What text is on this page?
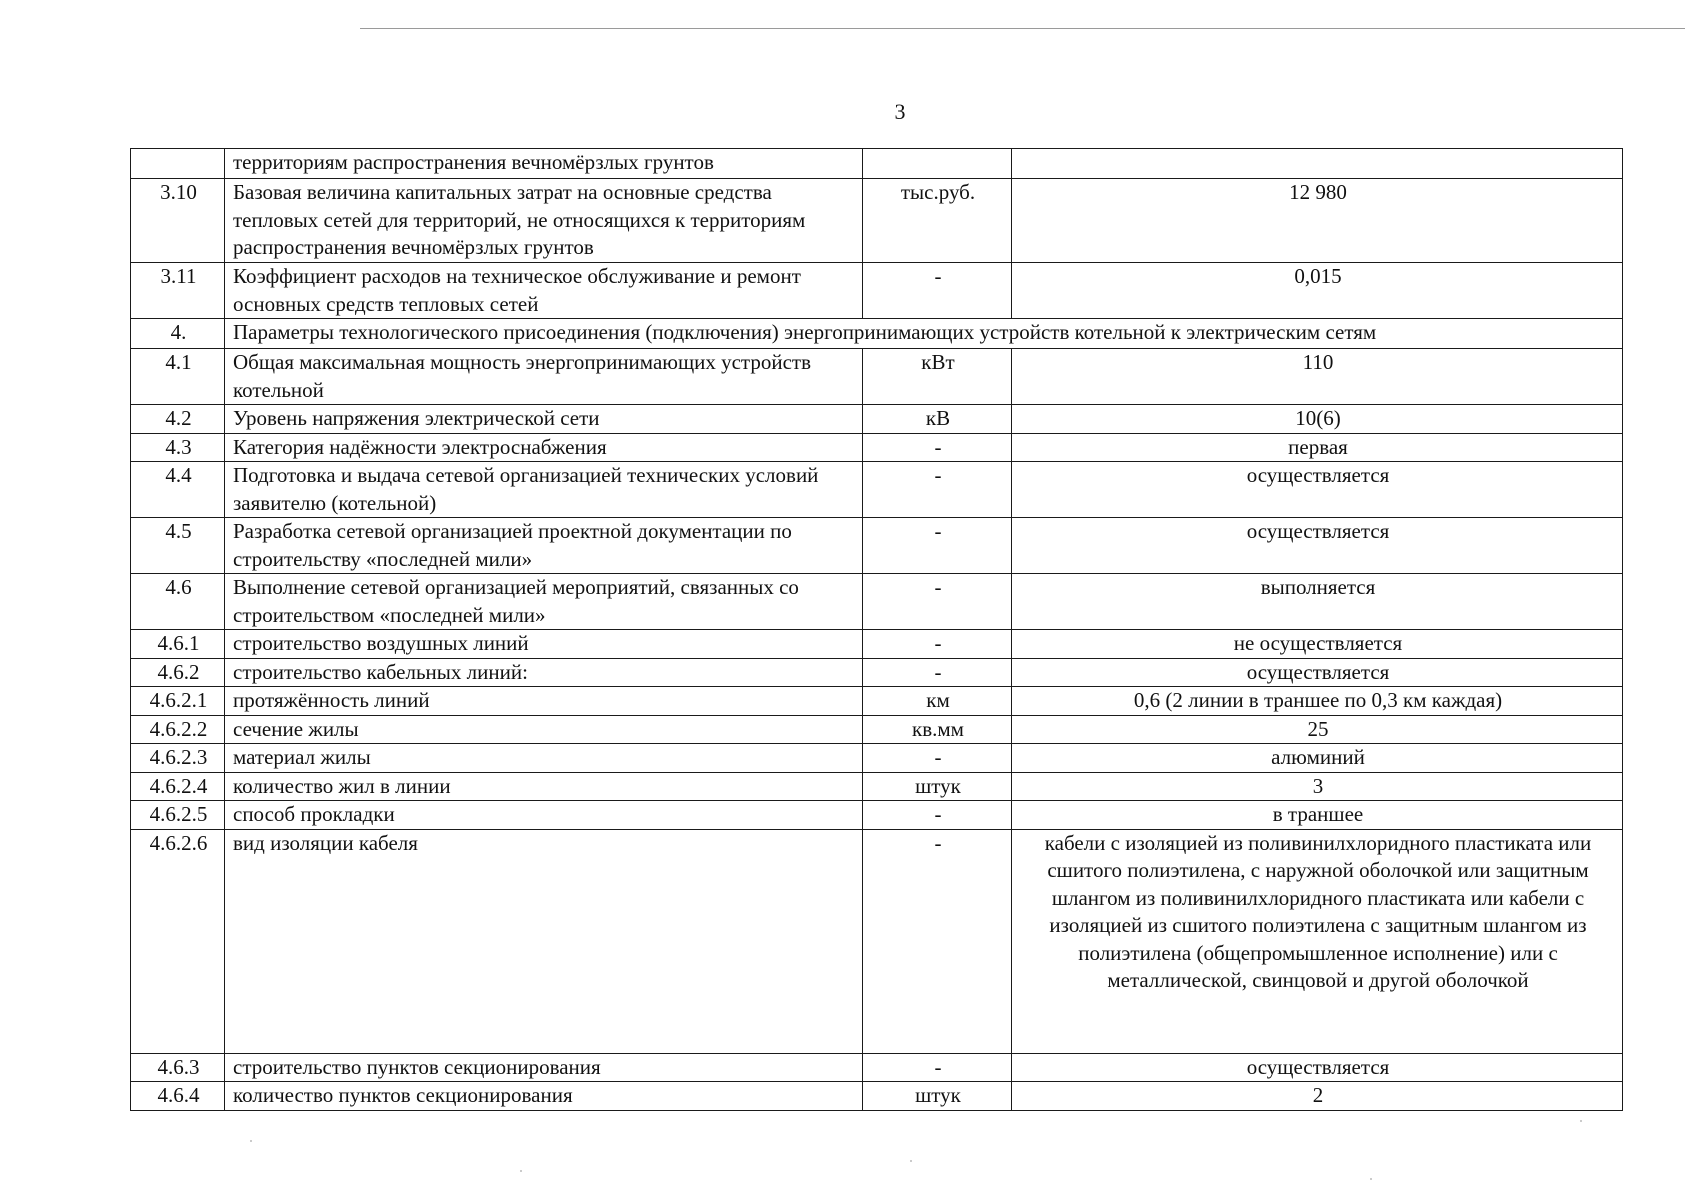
3
	территориям распространения вечномёрзлых грунтов		
3.10	Базовая величина капитальных затрат на основные средства тепловых сетей для территорий, не относящихся к территориям распространения вечномёрзлых грунтов	тыс.руб.	12 980
3.11	Коэффициент расходов на техническое обслуживание и ремонт основных средств тепловых сетей	-	0,015
4.	Параметры технологического присоединения (подключения) энергопринимающих устройств котельной к электрическим сетям		
4.1	Общая максимальная мощность энергопринимающих устройств котельной	кВт	110
4.2	Уровень напряжения электрической сети	кВ	10(6)
4.3	Категория надёжности электроснабжения	-	первая
4.4	Подготовка и выдача сетевой организацией технических условий заявителю (котельной)	-	осуществляется
4.5	Разработка сетевой организацией проектной документации по строительству «последней мили»	-	осуществляется
4.6	Выполнение сетевой организацией мероприятий, связанных со строительством «последней мили»	-	выполняется
4.6.1	строительство воздушных линий	-	не осуществляется
4.6.2	строительство кабельных линий:	-	осуществляется
4.6.2.1	протяжённость линий	км	0,6 (2 линии в траншее по 0,3 км каждая)
4.6.2.2	сечение жилы	кв.мм	25
4.6.2.3	материал жилы	-	алюминий
4.6.2.4	количество жил в линии	штук	3
4.6.2.5	способ прокладки	-	в траншее
4.6.2.6	вид изоляции кабеля	-	кабели с изоляцией из поливинилхлоридного пластиката или сшитого полиэтилена, с наружной оболочкой или защитным шлангом из поливинилхлоридного пластиката или кабели с изоляцией из сшитого полиэтилена с защитным шлангом из полиэтилена (общепромышленное исполнение) или с металлической, свинцовой и другой оболочкой
4.6.3	строительство пунктов секционирования	-	осуществляется
4.6.4	количество пунктов секционирования	штук	2
